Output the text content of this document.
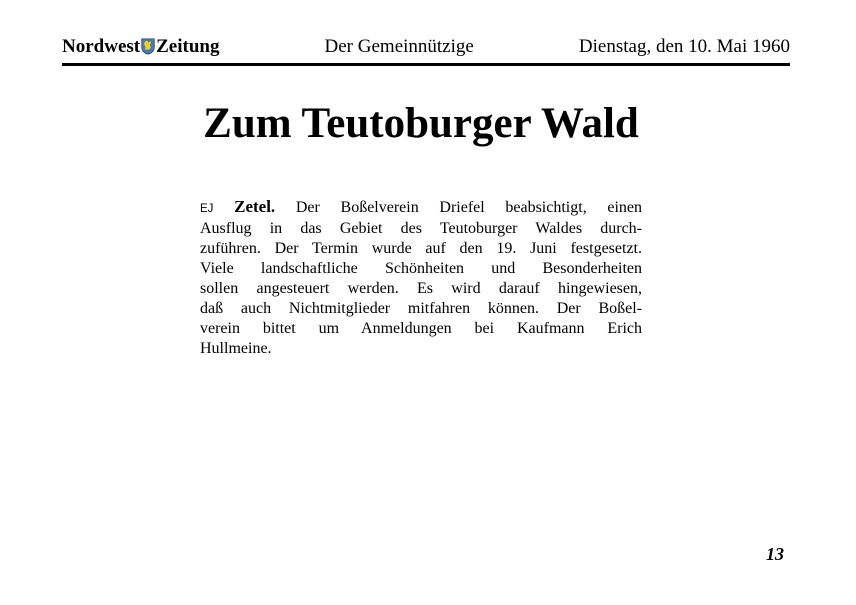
Nordwest Zeitung	Der Gemeinnützige	Dienstag, den 10. Mai 1960
Zum Teutoburger Wald
EJ Zetel. Der Boßelverein Driefel beabsichtigt, einen
Ausflug in das Gebiet des Teutoburger Waldes durch-
zuführen. Der Termin wurde auf den 19. Juni festgesetzt.
Viele landschaftliche Schönheiten und Besonderheiten
sollen angesteuert werden. Es wird darauf hingewiesen,
daß auch Nichtmitglieder mitfahren können. Der Boßel-
verein bittet um Anmeldungen bei Kaufmann Erich
Hullmeine.
13
